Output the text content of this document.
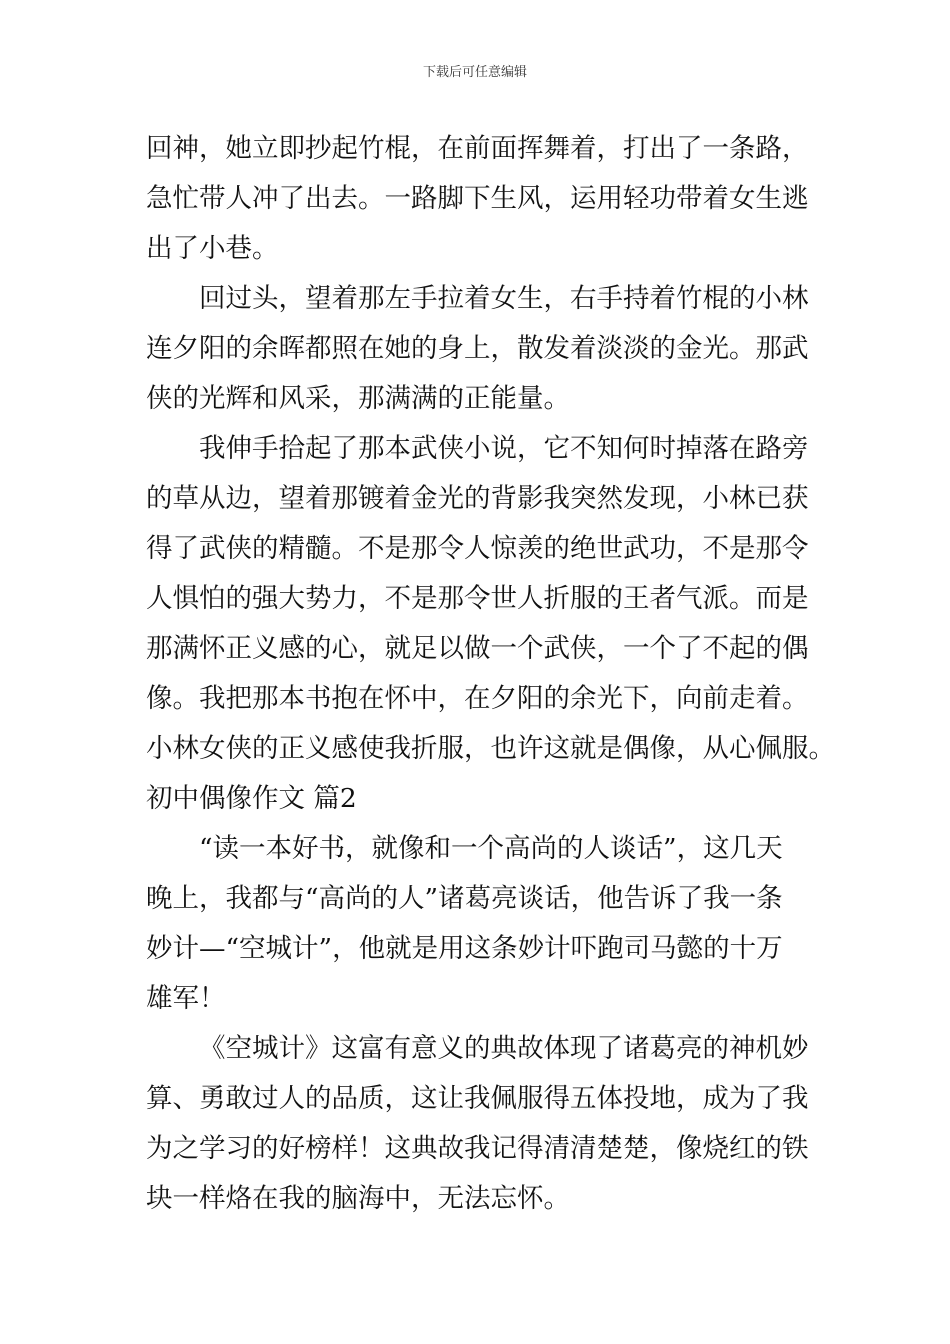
下载后可任意编辑
回神，她立即抄起竹棍，在前面挥舞着，打出了一条路，
急忙带人冲了出去。一路脚下生风，运用轻功带着女生逃
出了小巷。
回过头，望着那左手拉着女生，右手持着竹棍的小林
连夕阳的余晖都照在她的身上，散发着淡淡的金光。那武
侠的光辉和风采，那满满的正能量。
我伸手拾起了那本武侠小说，它不知何时掉落在路旁
的草从边，望着那镀着金光的背影我突然发现，小林已获
得了武侠的精髓。不是那令人惊羡的绝世武功，不是那令
人惧怕的强大势力，不是那令世人折服的王者气派。而是
那满怀正义感的心，就足以做一个武侠，一个了不起的偶
像。我把那本书抱在怀中，在夕阳的余光下，向前走着。
小林女侠的正义感使我折服，也许这就是偶像，从心佩服。
初中偶像作文 篇2
“读一本好书，就像和一个高尚的人谈话”，这几天
晚上，我都与“高尚的人”诸葛亮谈话，他告诉了我一条
妙计—“空城计”，他就是用这条妙计吓跑司马懿的十万
雄军！
《空城计》这富有意义的典故体现了诸葛亮的神机妙
算、勇敢过人的品质，这让我佩服得五体投地，成为了我
为之学习的好榜样！这典故我记得清清楚楚，像烧红的铁
块一样烙在我的脑海中，无法忘怀。
